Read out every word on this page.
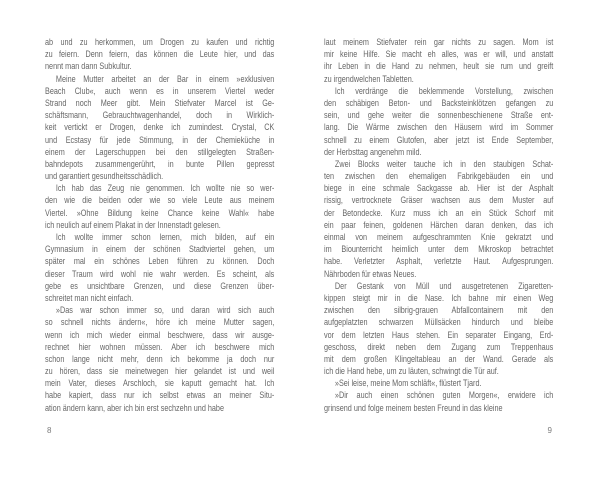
ab und zu herkommen, um Drogen zu kaufen und richtig
zu feiern. Denn feiern, das können die Leute hier, und das
nennt man dann Subkultur.
Meine Mutter arbeitet an der Bar in einem »exklusiven
Beach Club«, auch wenn es in unserem Viertel weder
Strand noch Meer gibt. Mein Stiefvater Marcel ist Ge-
schäftsmann, Gebrauchtwagenhandel, doch in Wirklich-
keit vertickt er Drogen, denke ich zumindest. Crystal, CK
und Ecstasy für jede Stimmung, in der Chemieküche in
einem der Lagerschuppen bei den stillgelegten Straßen-
bahndepots zusammengerührt, in bunte Pillen gepresst
und garantiert gesundheitsschädlich.
Ich hab das Zeug nie genommen. Ich wollte nie so wer-
den wie die beiden oder wie so viele Leute aus meinem
Viertel. »Ohne Bildung keine Chance keine Wahl« habe
ich neulich auf einem Plakat in der Innenstadt gelesen.
Ich wollte immer schon lernen, mich bilden, auf ein
Gymnasium in einem der schönen Stadtviertel gehen, um
später mal ein schönes Leben führen zu können. Doch
dieser Traum wird wohl nie wahr werden. Es scheint, als
gebe es unsichtbare Grenzen, und diese Grenzen über-
schreitet man nicht einfach.
»Das war schon immer so, und daran wird sich auch
so schnell nichts ändern«, höre ich meine Mutter sagen,
wenn ich mich wieder einmal beschwere, dass wir ausge-
rechnet hier wohnen müssen. Aber ich beschwere mich
schon lange nicht mehr, denn ich bekomme ja doch nur
zu hören, dass sie meinetwegen hier gelandet ist und weil
mein Vater, dieses Arschloch, sie kaputt gemacht hat. Ich
habe kapiert, dass nur ich selbst etwas an meiner Situ-
ation ändern kann, aber ich bin erst sechzehn und habe
8
laut meinem Stiefvater rein gar nichts zu sagen. Mom ist
mir keine Hilfe. Sie macht eh alles, was er will, und anstatt
ihr Leben in die Hand zu nehmen, heult sie rum und greift
zu irgendwelchen Tabletten.
Ich verdränge die beklemmende Vorstellung, zwischen
den schäbigen Beton- und Backsteinklötzen gefangen zu
sein, und gehe weiter die sonnenbeschienene Straße ent-
lang. Die Wärme zwischen den Häusern wird im Sommer
schnell zu einem Glutofen, aber jetzt ist Ende September,
der Herbsttag angenehm mild.
Zwei Blocks weiter tauche ich in den staubigen Schat-
ten zwischen den ehemaligen Fabrikgebäuden ein und
biege in eine schmale Sackgasse ab. Hier ist der Asphalt
rissig, vertrocknete Gräser wachsen aus dem Muster auf
der Betondecke. Kurz muss ich an ein Stück Schorf mit
ein paar feinen, goldenen Härchen daran denken, das ich
einmal von meinem aufgeschrammten Knie gekratzt und
im Biounterricht heimlich unter dem Mikroskop betrachtet
habe. Verletzter Asphalt, verletzte Haut. Aufgesprungen.
Nährboden für etwas Neues.
Der Gestank von Müll und ausgetretenen Zigaretten-
kippen steigt mir in die Nase. Ich bahne mir einen Weg
zwischen den silbrig-grauen Abfallcontainern mit den
aufgeplatzten schwarzen Müllsäcken hindurch und bleibe
vor dem letzten Haus stehen. Ein separater Eingang, Erd-
geschoss, direkt neben dem Zugang zum Treppenhaus
mit dem großen Klingeltableau an der Wand. Gerade als
ich die Hand hebe, um zu läuten, schwingt die Tür auf.
»Sei leise, meine Mom schläft«, flüstert Tjard.
»Dir auch einen schönen guten Morgen«, erwidere ich
grinsend und folge meinem besten Freund in das kleine
9
